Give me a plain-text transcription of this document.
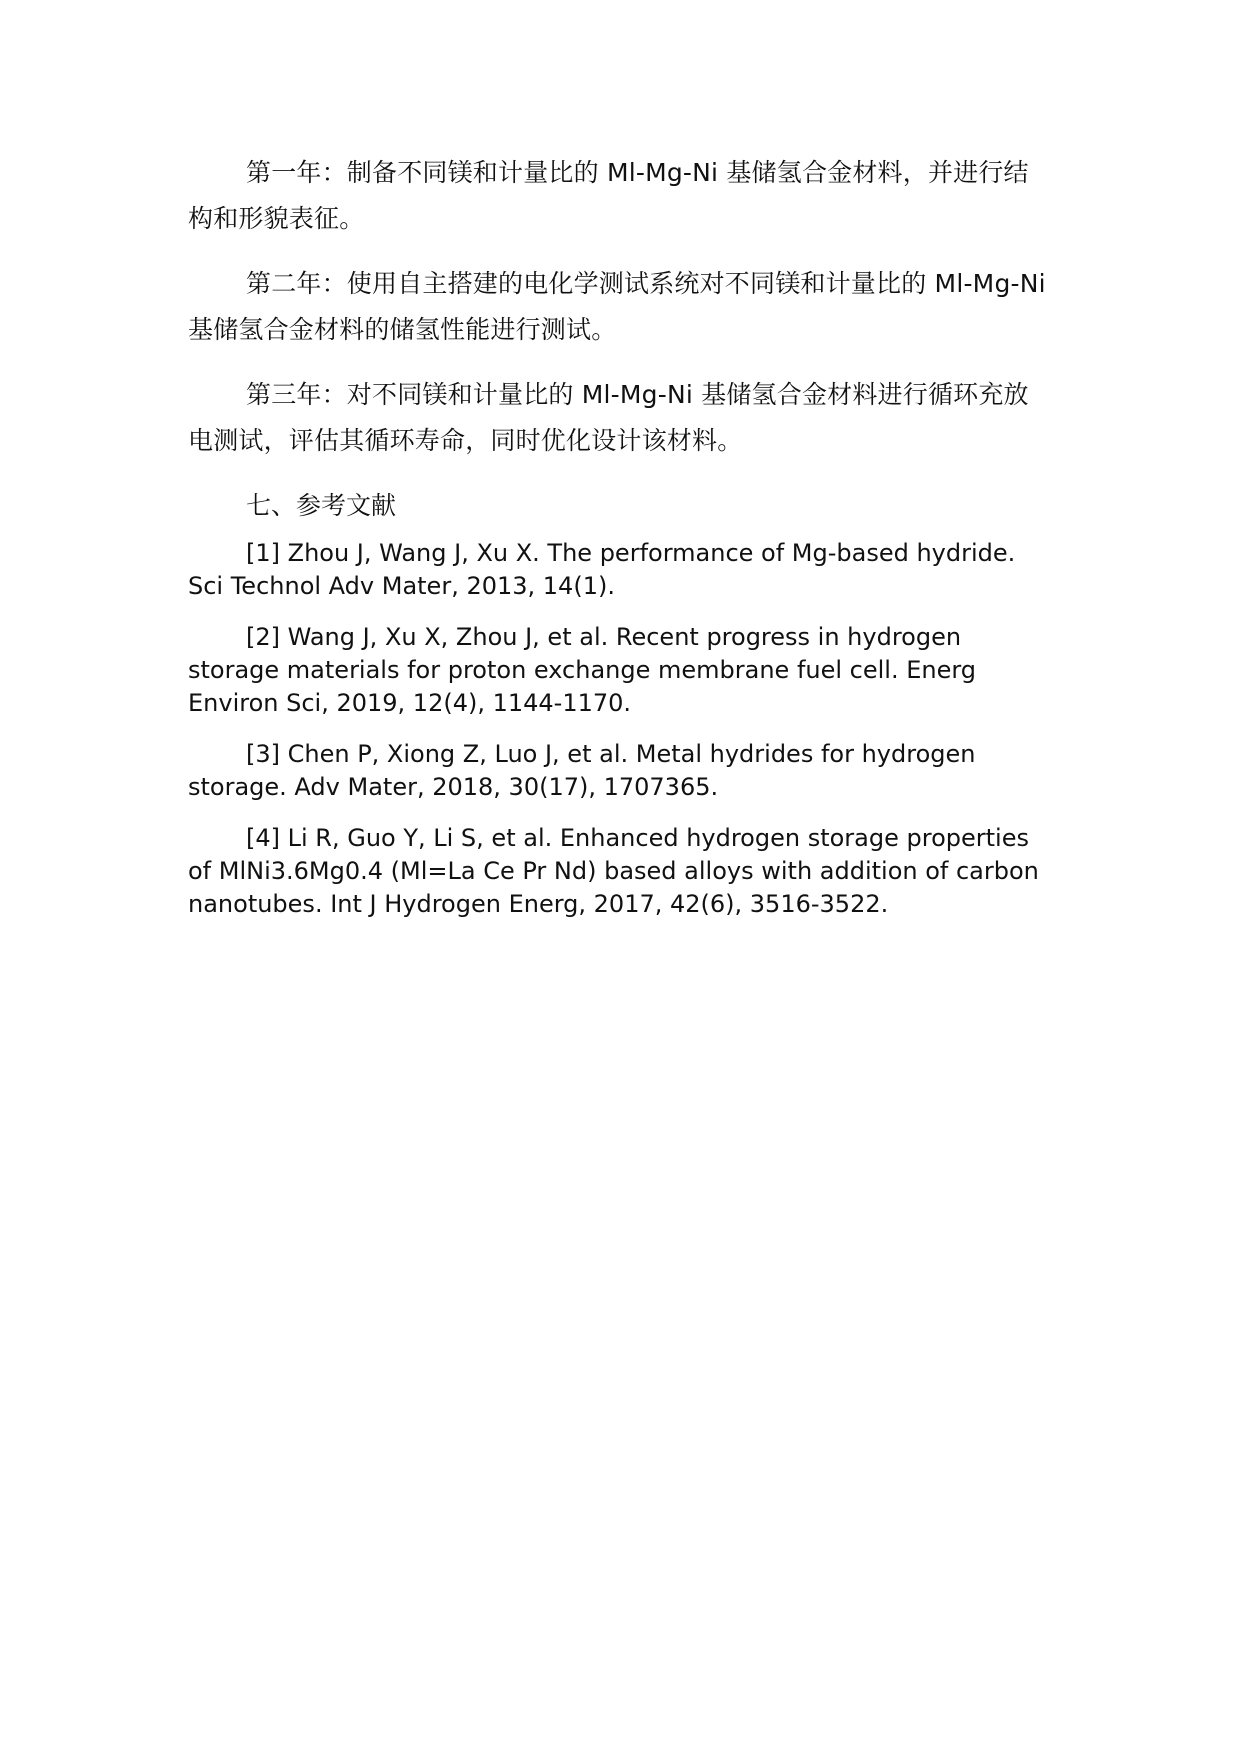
第一年：制备不同镁和计量比的 Ml-Mg-Ni 基储氢合金材料，并进行结构和形貌表征。

第二年：使用自主搭建的电化学测试系统对不同镁和计量比的 Ml-Mg-Ni 基储氢合金材料的储氢性能进行测试。

第三年：对不同镁和计量比的 Ml-Mg-Ni 基储氢合金材料进行循环充放电测试，评估其循环寿命，同时优化设计该材料。

七、参考文献

[1] Zhou J, Wang J, Xu X. The performance of Mg-based hydride. Sci Technol Adv Mater, 2013, 14(1).

[2] Wang J, Xu X, Zhou J, et al. Recent progress in hydrogen storage materials for proton exchange membrane fuel cell. Energ Environ Sci, 2019, 12(4), 1144-1170.

[3] Chen P, Xiong Z, Luo J, et al. Metal hydrides for hydrogen storage. Adv Mater, 2018, 30(17), 1707365.

[4] Li R, Guo Y, Li S, et al. Enhanced hydrogen storage properties of MlNi3.6Mg0.4 (Ml=La Ce Pr Nd) based alloys with addition of carbon nanotubes. Int J Hydrogen Energ, 2017, 42(6), 3516-3522.
